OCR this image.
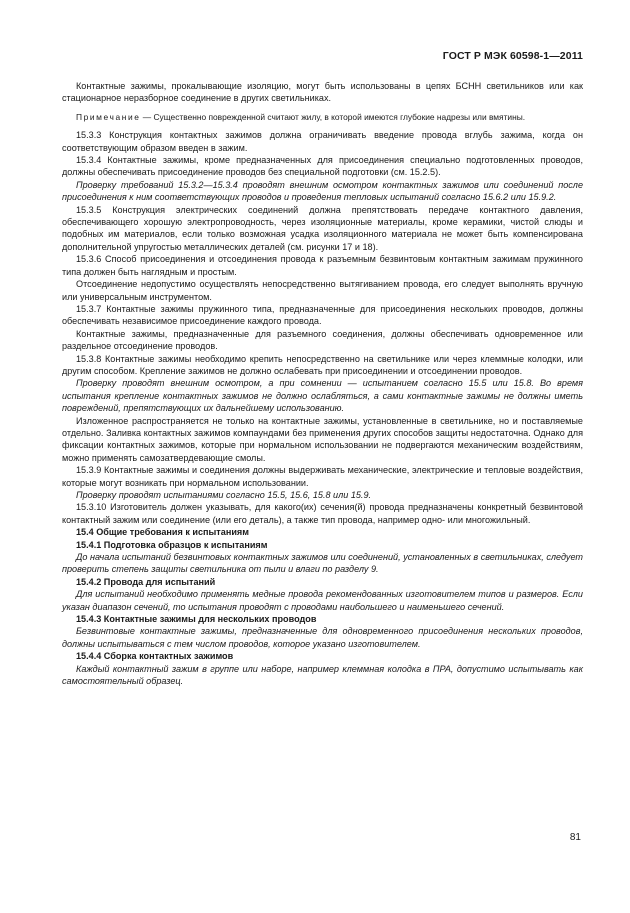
ГОСТ Р МЭК 60598-1—2011

Контактные зажимы, прокалывающие изоляцию, могут быть использованы в цепях БСНН светильников или как стационарное неразборное соединение в других светильниках.

Примечание — Существенно поврежденной считают жилу, в которой имеются глубокие надрезы или вмятины.

15.3.3 Конструкция контактных зажимов должна ограничивать введение провода вглубь зажима, когда он соответствующим образом введен в зажим.

15.3.4 Контактные зажимы, кроме предназначенных для присоединения специально подготовленных проводов, должны обеспечивать присоединение проводов без специальной подготовки (см. 15.2.5).

Проверку требований 15.3.2—15.3.4 проводят внешним осмотром контактных зажимов или соединений после присоединения к ним соответствующих проводов и проведения тепловых испытаний согласно 15.6.2 или 15.9.2.

15.3.5 Конструкция электрических соединений должна препятствовать передаче контактного давления, обеспечивающего хорошую электропроводность, через изоляционные материалы, кроме керамики, чистой слюды и подобных им материалов, если только возможная усадка изоляционного материала не может быть компенсирована дополнительной упругостью металлических деталей (см. рисунки 17 и 18).

15.3.6 Способ присоединения и отсоединения провода к разъемным безвинтовым контактным зажимам пружинного типа должен быть наглядным и простым.

Отсоединение недопустимо осуществлять непосредственно вытягиванием провода, его следует выполнять вручную или универсальным инструментом.

15.3.7 Контактные зажимы пружинного типа, предназначенные для присоединения нескольких проводов, должны обеспечивать независимое присоединение каждого провода.

Контактные зажимы, предназначенные для разъемного соединения, должны обеспечивать одновременное или раздельное отсоединение проводов.

15.3.8 Контактные зажимы необходимо крепить непосредственно на светильнике или через клеммные колодки, или другим способом. Крепление зажимов не должно ослабевать при присоединении и отсоединении проводов.

Проверку проводят внешним осмотром, а при сомнении — испытанием согласно 15.5 или 15.8. Во время испытания крепление контактных зажимов не должно ослабляться, а сами контактные зажимы не должны иметь повреждений, препятствующих их дальнейшему использованию.

Изложенное распространяется не только на контактные зажимы, установленные в светильнике, но и поставляемые отдельно. Заливка контактных зажимов компаундами без применения других способов защиты недостаточна. Однако для фиксации контактных зажимов, которые при нормальном использовании не подвергаются механическим воздействиям, можно применять самозатвердевающие смолы.

15.3.9 Контактные зажимы и соединения должны выдерживать механические, электрические и тепловые воздействия, которые могут возникать при нормальном использовании.

Проверку проводят испытаниями согласно 15.5, 15.6, 15.8 или 15.9.

15.3.10 Изготовитель должен указывать, для какого(их) сечения(й) провода предназначены конкретный безвинтовой контактный зажим или соединение (или его деталь), а также тип провода, например одно- или многожильный.

15.4 Общие требования к испытаниям

15.4.1 Подготовка образцов к испытаниям

До начала испытаний безвинтовых контактных зажимов или соединений, установленных в светильниках, следует проверить степень защиты светильника от пыли и влаги по разделу 9.

15.4.2 Провода для испытаний

Для испытаний необходимо применять медные провода рекомендованных изготовителем типов и размеров. Если указан диапазон сечений, то испытания проводят с проводами наибольшего и наименьшего сечений.

15.4.3 Контактные зажимы для нескольких проводов

Безвинтовые контактные зажимы, предназначенные для одновременного присоединения нескольких проводов, должны испытываться с тем числом проводов, которое указано изготовителем.

15.4.4 Сборка контактных зажимов

Каждый контактный зажим в группе или наборе, например клеммная колодка в ПРА, допустимо испытывать как самостоятельный образец.

81
